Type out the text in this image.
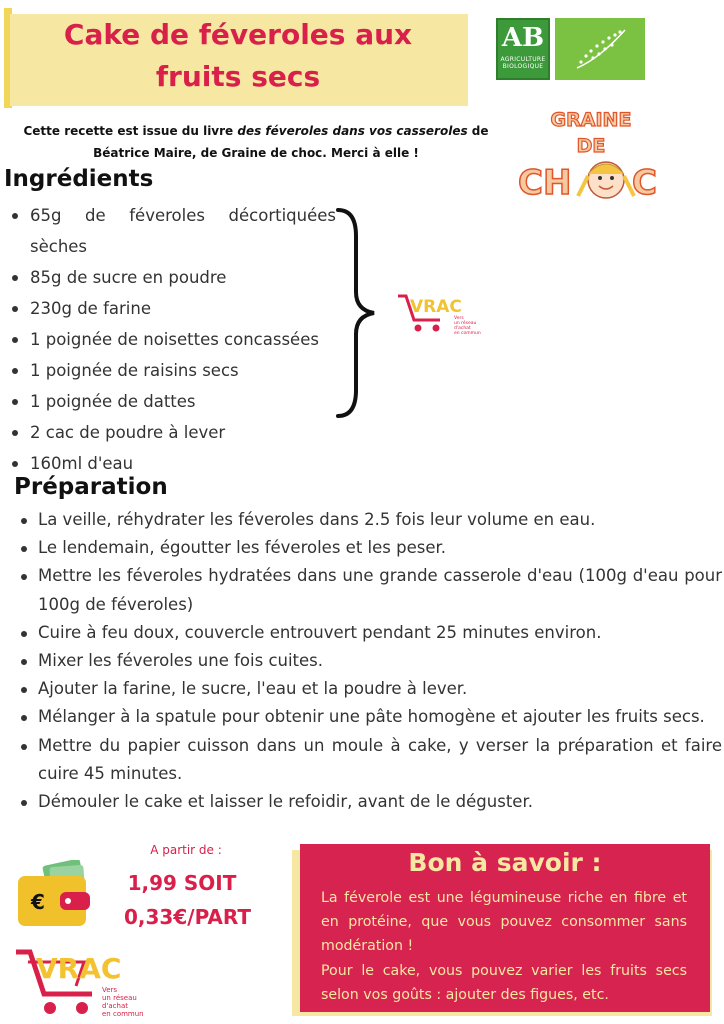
Cake de féveroles aux fruits secs
AB
AGRICULTURE BIOLOGIQUE
GRAINE
DE
CH C
Cette recette est issue du livre des féveroles dans vos casseroles de Béatrice Maire, de Graine de choc. Merci à elle !
Ingrédients
65g de féveroles décortiquées sèches
85g de sucre en poudre
230g de farine
1 poignée de noisettes concassées
1 poignée de raisins secs
1 poignée de dattes
2 cac de poudre à lever
160ml d'eau
VRAC
Vers
un réseau
d'achat
en commun
Préparation
La veille, réhydrater les féveroles dans 2.5 fois leur volume en eau.
Le lendemain, égoutter les féveroles et les peser.
Mettre les féveroles hydratées dans une grande casserole d'eau (100g d'eau pour 100g de féveroles)
Cuire à feu doux, couvercle entrouvert pendant 25 minutes environ.
Mixer les féveroles une fois cuites.
Ajouter la farine, le sucre, l'eau et la poudre à lever.
Mélanger à la spatule pour obtenir une pâte homogène et ajouter les fruits secs.
Mettre du papier cuisson dans un moule à cake, y verser la préparation et faire cuire 45 minutes.
Démouler le cake et laisser le refoidir, avant de le déguster.
€
A partir de :
1,99 SOIT
0,33€/PART
VRAC
Vers
un réseau
d'achat
en commun
Bon à savoir :
La féverole est une légumineuse riche en fibre et en protéine, que vous pouvez consommer sans modération !
Pour le cake, vous pouvez varier les fruits secs selon vos goûts : ajouter des figues, etc.
